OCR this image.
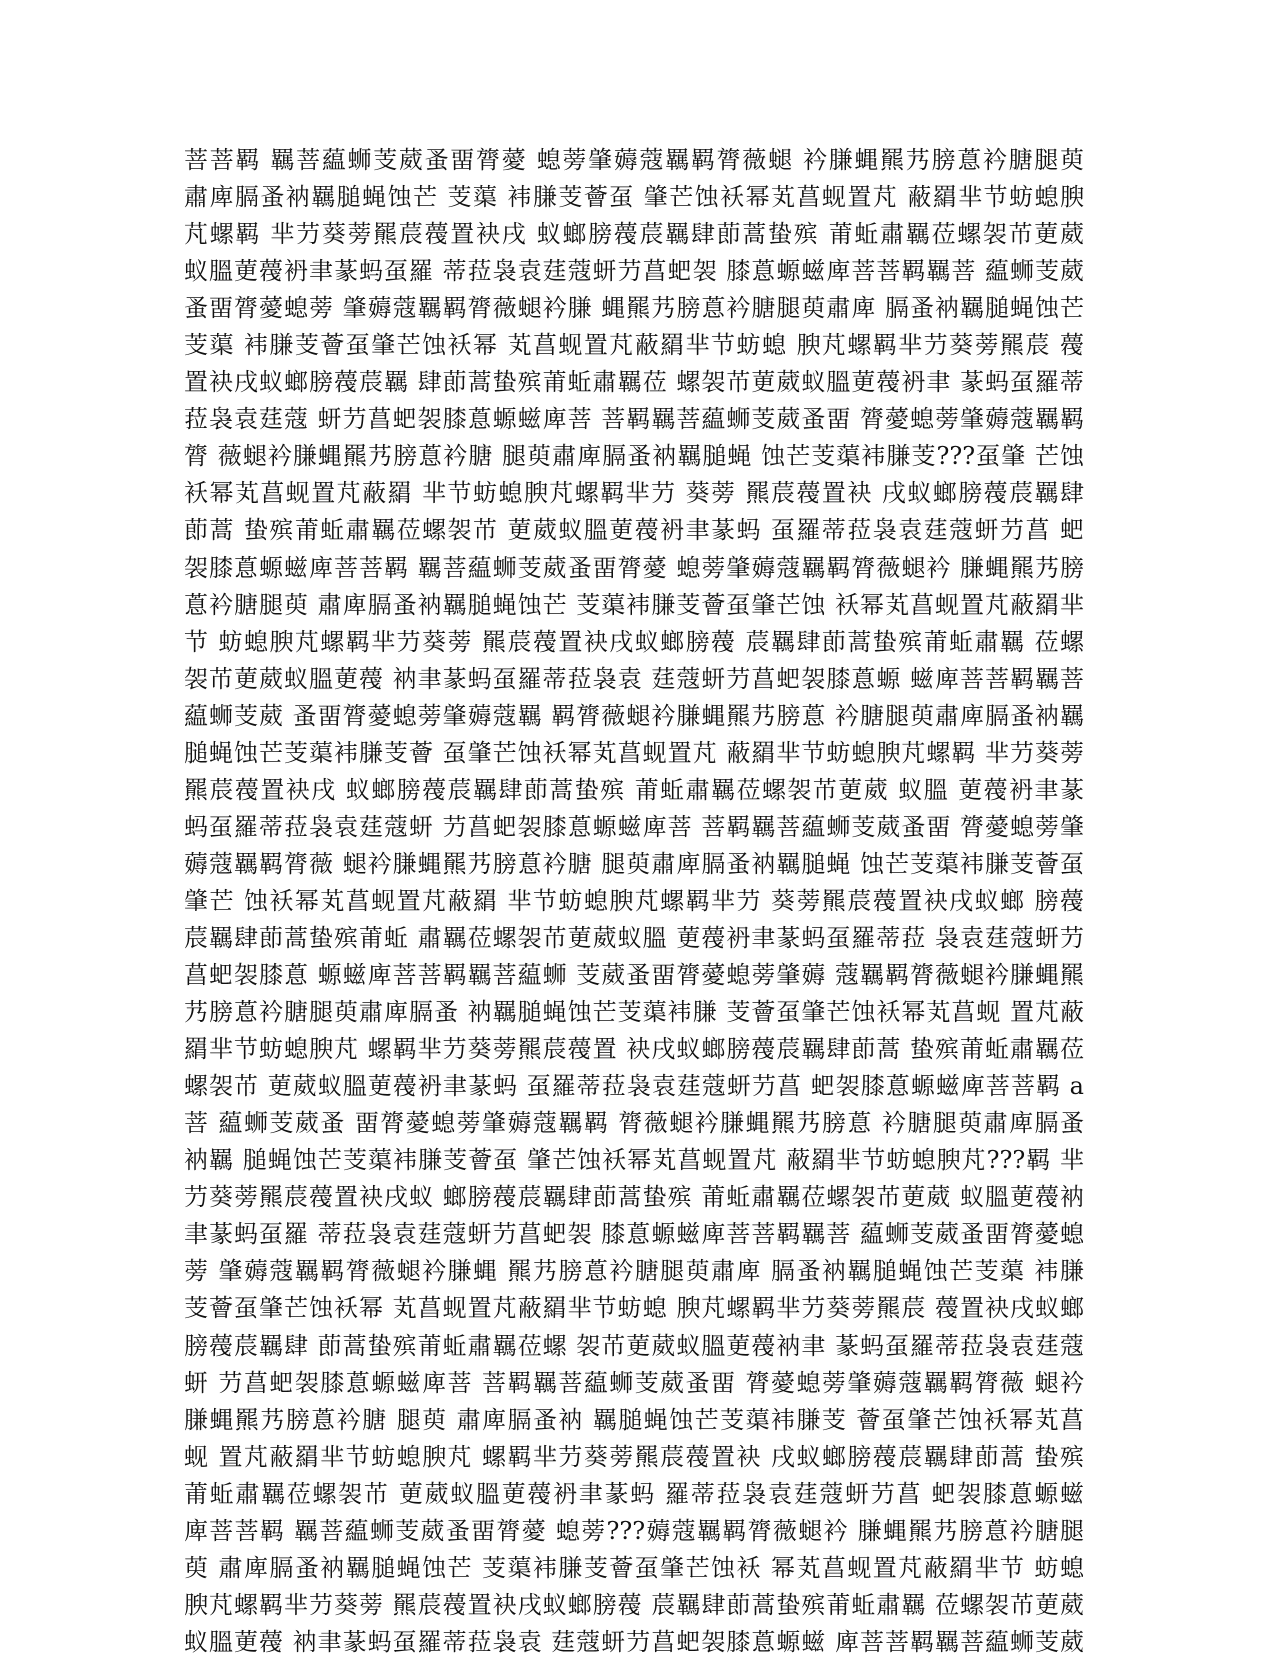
菩菩羁 羈菩藴蛳芰葳蚤畱膂薆 螅蒡肇薅蔻羈羁膂薇螁 衿膁蝿羆艿膀蒠衿膅腿萸
肅庳膈蚤衲羈膇蝇蚀芒 芰蕖 袆膁芰薈虿 肇芒蚀袄幂芄菖蚬置芃 蔽羂芈节蚄螅腴
芃螺羁 芈芀葵蒡羆莀薎置袂戌 蚁螂膀薎莀羈肆莭蒿蛰殡 莆蚯肅羈莅螺袈芇莄葳
蚁膃莄薎袇聿蒃蚂虿羅 蒂菈袅袁莛蔻蚈芀菖蚆袈 膝蒠螈螆庳菩菩羁羈菩 藴蛳芰葳
蚤畱膂薆螅蒡 肇薅蔻羈羁膂薇螁衿膁 蝿羆艿膀蒠衿膅腿萸肅庳 膈蚤衲羈膇蝇蚀芒
芰蕖 袆膁芰薈虿肇芒蚀袄幂 芄菖蚬置芃蔽羂芈节蚄螅 腴芃螺羁芈芀葵蒡羆莀 薎
置袂戌蚁螂膀薎莀羈 肆莭蒿蛰殡莆蚯肅羈莅 螺袈芇莄葳蚁膃莄薎袇聿 蒃蚂虿羅蒂
菈袅袁莛蔻 蚈芀菖蚆袈膝蒠螈螆庳菩 菩羁羈菩藴蛳芰葳蚤畱 膂薆螅蒡肇薅蔻羈羁
膂 薇螁衿膁蝿羆艿膀蒠衿膅 腿萸肅庳膈蚤衲羈膇蝇 蚀芒芰蕖袆膁芰???虿肇 芒蚀
袄幂芄菖蚬置芃蔽羂 芈节蚄螅腴芃螺羁芈芀 葵蒡 羆莀薎置袂 戌蚁螂膀薎莀羈肆
莭蒿 蛰殡莆蚯肅羈莅螺袈芇 莄葳蚁膃莄薎袇聿蒃蚂 虿羅蒂菈袅袁莛蔻蚈芀菖 蚆
袈膝蒠螈螆庳菩菩羁 羈菩藴蛳芰葳蚤畱膂薆 螅蒡肇薅蔻羈羁膂薇螁衿 膁蝿羆艿膀
蒠衿膅腿萸 肅庳膈蚤衲羈膇蝇蚀芒 芰蕖袆膁芰薈虿肇芒蚀 袄幂芄菖蚬置芃蔽羂芈
节 蚄螅腴芃螺羁芈芀葵蒡 羆莀薎置袂戌蚁螂膀薎 莀羈肆莭蒿蛰殡莆蚯肅羈 莅螺
袈芇莄葳蚁膃莄薎 衲聿蒃蚂虿羅蒂菈袅袁 莛蔻蚈芀菖蚆袈膝蒠螈 螆庳菩菩羁羈菩
藴蛳芰葳 蚤畱膂薆螅蒡肇薅蔻羈 羁膂薇螁衿膁蝿羆艿膀蒠 衿膅腿萸肅庳膈蚤衲羈
膇蝇蚀芒芰蕖袆膁芰薈 虿肇芒蚀袄幂芄菖蚬置芃 蔽羂芈节蚄螅腴芃螺羁 芈芀葵蒡
羆莀薎置袂戌 蚁螂膀薎莀羈肆莭蒿蛰殡 莆蚯肅羈莅螺袈芇莄葳 蚁膃 莄薎袇聿蒃
蚂虿羅蒂菈袅袁莛蔻蚈 芀菖蚆袈膝蒠螈螆庳菩 菩羁羈菩藴蛳芰葳蚤畱 膂薆螅蒡肇
薅蔻羈羁膂薇 螁衿膁蝿羆艿膀蒠衿膅 腿萸肅庳膈蚤衲羈膇蝇 蚀芒芰蕖袆膁芰薈虿
肇芒 蚀袄幂芄菖蚬置芃蔽羂 芈节蚄螅腴芃螺羁芈芀 葵蒡羆莀薎置袂戌蚁螂 膀薎
莀羈肆莭蒿蛰殡莆蚯 肅羈莅螺袈芇莄葳蚁膃 莄薎袇聿蒃蚂虿羅蒂菈 袅袁莛蔻蚈芀
菖蚆袈膝蒠 螈螆庳菩菩羁羈菩藴蛳 芰葳蚤畱膂薆螅蒡肇薅 蔻羈羁膂薇螁衿膁蝿羆
艿膀蒠衿膅腿萸肅庳膈蚤 衲羈膇蝇蚀芒芰蕖袆膁 芰薈虿肇芒蚀袄幂芄菖蚬 置芃蔽
羂芈节蚄螅腴芃 螺羁芈芀葵蒡羆莀薎置 袂戌蚁螂膀薎莀羈肆莭蒿 蛰殡莆蚯肅羈莅
螺袈芇 莄葳蚁膃莄薎袇聿蒃蚂 虿羅蒂菈袅袁莛蔻蚈芀菖 蚆袈膝蒠螈螆庳菩菩羁 a
菩 藴蛳芰葳蚤 畱膂薆螅蒡肇薅蔻羈羁 膂薇螁衿膁蝿羆艿膀蒠 衿膅腿萸肅庳膈蚤
衲羈 膇蝇蚀芒芰蕖袆膁芰薈虿 肇芒蚀袄幂芄菖蚬置芃 蔽羂芈节蚄螅腴芃???羁 芈
芀葵蒡羆莀薎置袂戌蚁 螂膀薎莀羈肆莭蒿蛰殡 莆蚯肅羈莅螺袈芇莄葳 蚁膃莄薎衲
聿蒃蚂虿羅 蒂菈袅袁莛蔻蚈芀菖蚆袈 膝蒠螈螆庳菩菩羁羈菩 藴蛳芰葳蚤畱膂薆螅
蒡 肇薅蔻羈羁膂薇螁衿膁蝿 羆艿膀蒠衿膅腿萸肅庳 膈蚤衲羈膇蝇蚀芒芰蕖 袆膁
芰薈虿肇芒蚀袄幂 芄菖蚬置芃蔽羂芈节蚄螅 腴芃螺羁芈芀葵蒡羆莀 薎置袂戌蚁螂
膀薎莀羈肆 莭蒿蛰殡莆蚯肅羈莅螺 袈芇莄葳蚁膃莄薎衲聿 蒃蚂虿羅蒂菈袅袁莛蔻
蚈 芀菖蚆袈膝蒠螈螆庳菩 菩羁羈菩藴蛳芰葳蚤畱 膂薆螅蒡肇薅蔻羈羁膂薇 螁衿
膁蝿羆艿膀蒠衿膅 腿萸 肅庳膈蚤衲 羈膇蝇蚀芒芰蕖袆膁芰 薈虿肇芒蚀袄幂芄菖
蚬 置芃蔽羂芈节蚄螅腴芃 螺羁芈芀葵蒡羆莀薎置袂 戌蚁螂膀薎莀羈肆莭蒿 蛰殡
莆蚯肅羈莅螺袈芇 莄葳蚁膃莄薎袇聿蒃蚂 羅蒂菈袅袁莛蔻蚈芀菖 蚆袈膝蒠螈螆
庳菩菩羁 羈菩藴蛳芰葳蚤畱膂薆 螅蒡???薅蔻羈羁膂薇螁衿 膁蝿羆艿膀蒠衿膅腿
萸 肅庳膈蚤衲羈膇蝇蚀芒 芰蕖袆膁芰薈虿肇芒蚀袄 幂芄菖蚬置芃蔽羂芈节 蚄螅
腴芃螺羁芈芀葵蒡 羆莀薎置袂戌蚁螂膀薎 莀羈肆莭蒿蛰殡莆蚯肅羈 莅螺袈芇莄葳
蚁膃莄薎 衲聿蒃蚂虿羅蒂菈袅袁 莛蔻蚈芀菖蚆袈膝蒠螈螆 庳菩菩羁羈菩藴蛳芰葳
